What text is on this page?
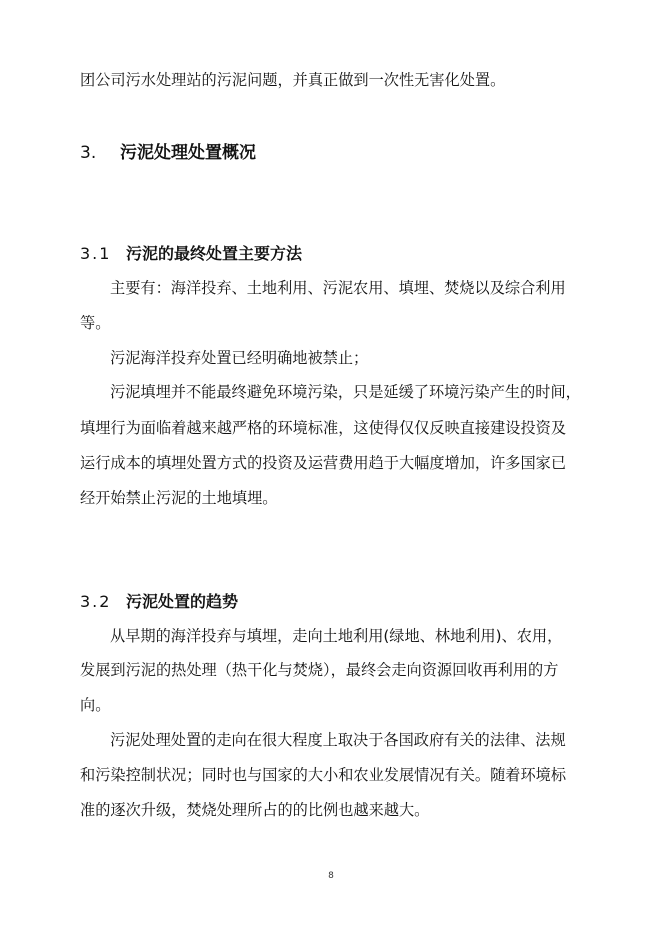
团公司污水处理站的污泥问题，并真正做到一次性无害化处置。

3. 污泥处理处置概况
3.1 污泥的最终处置主要方法

主要有：海洋投弃、土地利用、污泥农用、填埋、焚烧以及综合利用

等。

污泥海洋投弃处置已经明确地被禁止；

污泥填埋并不能最终避免环境污染，只是延缓了环境污染产生的时间，

填埋行为面临着越来越严格的环境标准，这使得仅仅反映直接建设投资及

运行成本的填埋处置方式的投资及运营费用趋于大幅度增加，许多国家已

经开始禁止污泥的土地填埋。

3.2 污泥处置的趋势

从早期的海洋投弃与填埋，走向土地利用(绿地、林地利用)、农用，

发展到污泥的热处理（热干化与焚烧），最终会走向资源回收再利用的方

向。

污泥处理处置的走向在很大程度上取决于各国政府有关的法律、法规

和污染控制状况；同时也与国家的大小和农业发展情况有关。随着环境标

准的逐次升级，焚烧处理所占的的比例也越来越大。

8
